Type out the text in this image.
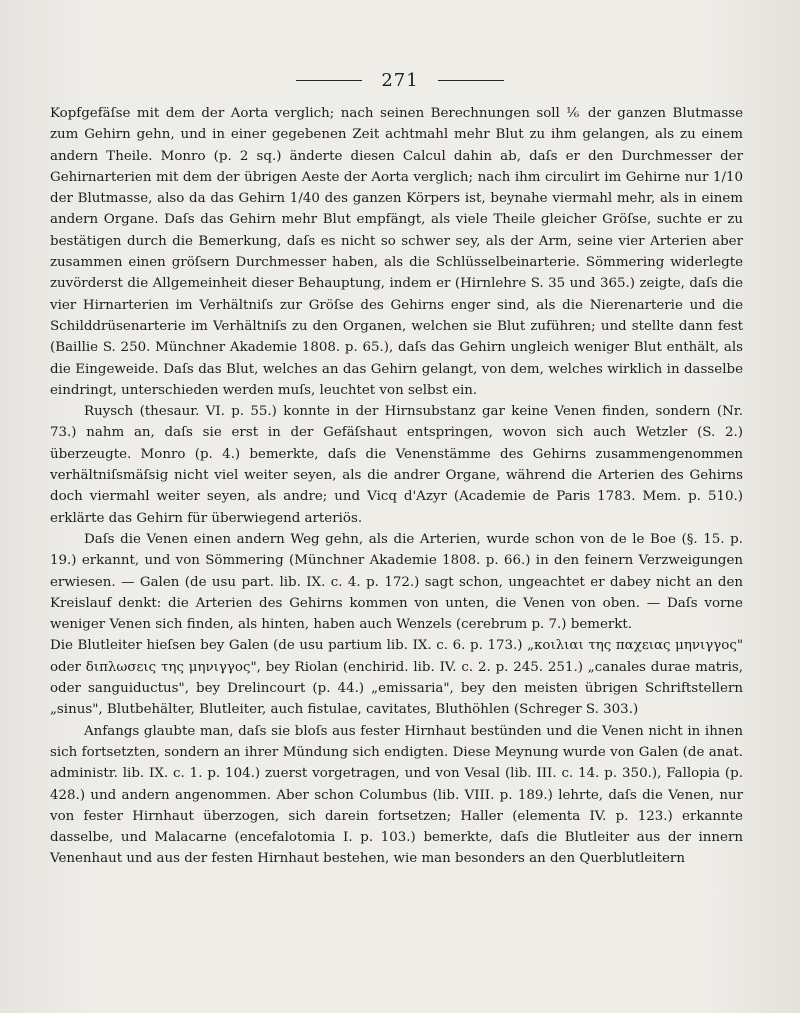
271

Kopfgefäſse mit dem der Aorta verglich; nach seinen Berechnungen soll ⅙ der ganzen Blutmasse zum Gehirn gehn, und in einer gegebenen Zeit achtmahl mehr Blut zu ihm gelangen, als zu einem andern Theile. Monro (p. 2 sq.) änderte diesen Calcul dahin ab, daſs er den Durchmesser der Gehirnarterien mit dem der übrigen Aeste der Aorta verglich; nach ihm circulirt im Gehirne nur 1/10 der Blutmasse, also da das Gehirn 1/40 des ganzen Körpers ist, beynahe viermahl mehr, als in einem andern Organe. Daſs das Gehirn mehr Blut empfängt, als viele Theile gleicher Gröſse, suchte er zu bestätigen durch die Bemerkung, daſs es nicht so schwer sey, als der Arm, seine vier Arterien aber zusammen einen gröſsern Durchmesser haben, als die Schlüsselbeinarterie. Sömmering widerlegte zuvörderst die Allgemeinheit dieser Behauptung, indem er (Hirnlehre S. 35 und 365.) zeigte, daſs die vier Hirnarterien im Verhältniſs zur Gröſse des Gehirns enger sind, als die Nierenarterie und die Schilddrüsenarterie im Verhältniſs zu den Organen, welchen sie Blut zuführen; und stellte dann fest (Baillie S. 250. Münchner Akademie 1808. p. 65.), daſs das Gehirn ungleich weniger Blut enthält, als die Eingeweide. Daſs das Blut, welches an das Gehirn gelangt, von dem, welches wirklich in dasselbe eindringt, unterschieden werden muſs, leuchtet von selbst ein.

Ruysch (thesaur. VI. p. 55.) konnte in der Hirnsubstanz gar keine Venen finden, sondern (Nr. 73.) nahm an, daſs sie erst in der Gefäſshaut entspringen, wovon sich auch Wetzler (S. 2.) überzeugte. Monro (p. 4.) bemerkte, daſs die Venenstämme des Gehirns zusammengenommen verhältniſsmäſsig nicht viel weiter seyen, als die andrer Organe, während die Arterien des Gehirns doch viermahl weiter seyen, als andre; und Vicq d'Azyr (Academie de Paris 1783. Mem. p. 510.) erklärte das Gehirn für überwiegend arteriös.

Daſs die Venen einen andern Weg gehn, als die Arterien, wurde schon von de le Boe (§. 15. p. 19.) erkannt, und von Sömmering (Münchner Akademie 1808. p. 66.) in den feinern Verzweigungen erwiesen. — Galen (de usu part. lib. IX. c. 4. p. 172.) sagt schon, ungeachtet er dabey nicht an den Kreislauf denkt: die Arterien des Gehirns kommen von unten, die Venen von oben. — Daſs vorne weniger Venen sich finden, als hinten, haben auch Wenzels (cerebrum p. 7.) bemerkt.

Die Blutleiter hieſsen bey Galen (de usu partium lib. IX. c. 6. p. 173.) „κοιλιαι της παχειας μηνιγγος" oder διπλωσεις της μηνιγγος", bey Riolan (enchirid. lib. IV. c. 2. p. 245. 251.) „canales durae matris, oder sanguiductus", bey Drelincourt (p. 44.) „emissaria", bey den meisten übrigen Schriftstellern „sinus", Blutbehälter, Blutleiter, auch fistulae, cavitates, Bluthöhlen (Schreger S. 303.)

Anfangs glaubte man, daſs sie bloſs aus fester Hirnhaut bestünden und die Venen nicht in ihnen sich fortsetzten, sondern an ihrer Mündung sich endigten. Diese Meynung wurde von Galen (de anat. administr. lib. IX. c. 1. p. 104.) zuerst vorgetragen, und von Vesal (lib. III. c. 14. p. 350.), Fallopia (p. 428.) und andern angenommen. Aber schon Columbus (lib. VIII. p. 189.) lehrte, daſs die Venen, nur von fester Hirnhaut überzogen, sich darein fortsetzen; Haller (elementa IV. p. 123.) erkannte dasselbe, und Malacarne (encefalotomia I. p. 103.) bemerkte, daſs die Blutleiter aus der innern Venenhaut und aus der festen Hirnhaut bestehen, wie man besonders an den Querblutleitern
